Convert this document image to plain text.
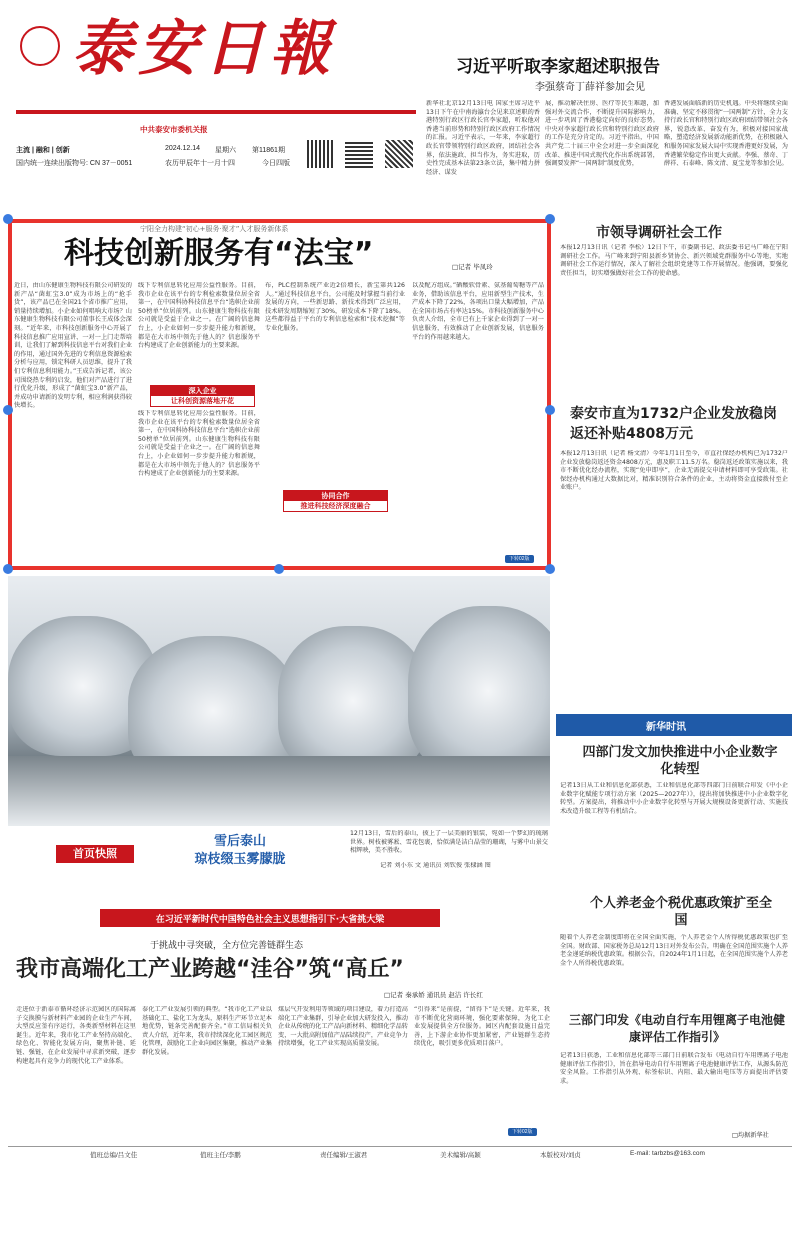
泰安日報
中共泰安市委机关报
主流 | 融和 | 创新
国内统一连续出版物号: CN 37－0051
2024.12.14	星期六	第11861期
农历甲辰年十一月十四	今日四版
习近平听取李家超述职报告
李强蔡奇丁薛祥参加会见
新华社北京12月13日电 国家主席习近平13日下午在中南海瀛台会见来京述职的香港特别行政区行政长官李家超，听取他对香港当前形势和特别行政区政府工作情况的汇报。习近平表示，一年来，李家超行政长官带领特别行政区政府，团结社会各界，依法施政、担当作为，务实进取，历史性完成基本法第23条立法，集中精力拼经济、谋发
展，推动解决住房、医疗等民生难题，加强对外交流合作，不断提升国际影响力，进一步巩固了香港稳定向好的良好态势。中央对李家超行政长官和特别行政区政府的工作是充分肯定的。习近平指出，中国共产党二十届三中全会对进一步全面深化改革、推进中国式现代化作出系统部署，强调要发挥“一国两制”制度优势，
香港发展面临新的历史机遇。中央将继续全面准确、坚定不移贯彻“一国两制”方针，全力支持行政长官和特别行政区政府团结带领社会各界，锐意改革、奋发有为，积极对接国家战略，塑造经济发展新动能新优势，在积极融入和服务国家发展大局中实现香港更好发展，为香港繁荣稳定作出更大贡献。李强、蔡奇、丁薛祥、石泰峰、陈文清、夏宝龙等参加会见。
宁阳全力构建“初心+服务·聚才”人才服务新体系
科技创新服务有“法宝”	□记者 毕凤玲
近日，由山东健康生物科技有限公司研发的新产品“菌虹宝3.0”成为市场上的“抢手货”，该产品已在全国21个省市推广应用，销量持续增加。小企业如何唱响大市场？山东健康生物科技有限公司董事长王成体会深刻。“近年来，市科技创新服务中心开展了科技信息推广应用宣讲、一对一上门走帮培训，让我们了解到科技信息平台对我们企业的作用，通过国外先进的专利信息资源检索分析与应用，锁定科研人员思维，提升了我们专利信息利用能力。”王成告诉记者，该公司围绕热专利的启发，他们对产品进行了进行优化升级，形成了“菌虹宝3.0”新产品，并成功申请新的发明专利，相应利润获得较快增长。
线下专利信息转化应用公益性服务。目前，我市企业在该平台的专利检索数量位居全省第一，在中国科协科技信息平台“选帜企业前50榜单”位居前列。山东健康生物科技有限公司就是受益于企业之一。在广阔的信息舞台上，小企业如何一步步提升能力和新规，都是在大市场中领先于他人的？信息服务平台构建成了企业创新能力的主要来源。
深入企业
让科创资源落地开花
线下专利信息转化应用公益性服务。目前，我市企业在该平台的专利检索数量位居全省第一，在中国科协科技信息平台“选帜企业前50榜单”位居前列。山东健康生物科技有限公司就是受益于企业之一。在广阔的信息舞台上，小企业如何一步步提升能力和新规，都是在大市场中领先于他人的？信息服务平台构建成了企业创新能力的主要来源。
布，PLC控制系统产业近2倍增长，新宝第共126人。”通过科技信息平台，公司能及时掌握当前行业发展的方向，一些新思路、新技术得到广泛应用，技术研发周期缩短了30%，研发成本下降了18%。这些都得益于平台的专利信息检索和“技术挖掘”等专业化服务。
协同合作
推进科技经济深度融合
以及配方组成。”硒酸软骨素、氨基葡萄糖等产品业务，借助该信息平台，应用新型生产技术，生产成本下降了22%，各项出口量大幅增加，产品在全国市场占有率达15%。市科技创新服务中心负责人介绍，全市已有上千家企业得到了一对一信息服务，有效推动了企业创新发展，信息服务平台的作用越来越大。
下转02版
首页快照
雪后泰山
琼枝缀玉雾朦胧
12月13日，雪后的泰山，披上了一层美丽的银装，宛如一个梦幻的琉璃世界。树枝被雾凇、雪花包裹，恰似满是洁白晶莹的珊瑚，与雾中山景交相辉映，美不胜收。
记者 刘小东 文 通讯员 刘钦俊 张棣涵 图
市领导调研社会工作
本报12月13日讯（记者 李松）12日下午，市委副书记、政法委书记马广峰在宁阳调研社会工作。马广峰来到宁阳县新乡贤协会、新兴领域党群服务中心等地，实地调研社会工作运行情况，深入了解社会组织党建等工作开展情况。他强调，要强化责任担当，切实增强做好社会工作的使命感。
泰安市直为1732户企业发放稳岗返还补贴4808万元
本报12月13日讯（记者 杨文清）今年1月1日至今，市直社保经办机构已为1732户企业发放稳岗返还资金4808万元，惠及职工11.5万名。稳岗返还政策实施以来，我市不断优化经办流程，实现“免申即享”，企业无需提交申请材料即可享受政策。社保经办机构通过大数据比对，精准识别符合条件的企业，主动将资金直接拨付至企业账户。
新华时讯
四部门发文加快推进中小企业数字化转型
记者13日从工业和信息化部获悉，工业和信息化部等四部门日前联合印发《中小企业数字化赋能专项行动方案（2025—2027年）》，提出将加快推进中小企业数字化转型。方案提出，将推动中小企业数字化转型与开展大规模设备更新行动、实施技术改造升级工程等有机结合。
个人养老金个税优惠政策扩至全国
随着个人养老金制度即将在全国全面实施，个人养老金个人所得税优惠政策也扩至全国。财政部、国家税务总局12月13日对外发布公告，明确在全国范围实施个人养老金递延纳税优惠政策。根据公告，自2024年1月1日起，在全国范围实施个人养老金个人所得税优惠政策。
三部门印发《电动自行车用锂离子电池健康评估工作指引》
记者13日获悉，工业和信息化部等三部门日前联合发布《电动自行车用锂离子电池健康评估工作指引》，旨在指导电动自行车用锂离子电池健康评估工作，从源头防范安全风险。工作指引从外观、标签标识、内阻、最大输出电压等方面提出评估要求。
□均据新华社
在习近平新时代中国特色社会主义思想指引下·大省挑大梁
于挑战中寻突破，全方位完善链群生态
我市高端化工产业跨越“洼谷”筑“高丘”
□记者 秦承娇 通讯员 赵洁 许长红
走进位于新泰市循环经济示范园区的国际离子交换膜与新材料产业园的企业生产车间，大型反应釜有序运行，各类新型材料在这里诞生。近年来，我市化工产业坚持高端化、绿色化、智能化发展方向，聚焦补链、延链、强链，在企业发展中寻求新突破，逐步构建起具有竞争力的现代化工产业体系。
泰化工产业发展引领的典型。“我市化工产业以基础化工、盐化工为龙头，原料生产环节立足本地优势，链条完善配套齐全。”市工信局相关负责人介绍，近年来，我市持续深化化工园区规范化管理，鼓励化工企业向园区集聚，推动产业集群化发展。
煤层气开发利用等领域的项目建设，着力打造高端化工产业集群，引导企业加大研发投入，推动企业从传统的化工产品向新材料、精细化学品转变，一大批高附加值产品陆续投产，产业竞争力持续增强，化工产业实现高质量发展。
“引得来”是前提，“留得下”是关键。近年来，我市不断优化营商环境，强化要素保障，为化工企业发展提供全方位服务。园区内配套设施日益完善，上下游企业协作更加紧密，产业链群生态持续优化，吸引更多优质项目落户。
下转02版
值班总编/吕文佳	值班主任/李鹏	责任编辑/王淑君	美术编辑/高颖	本版校对/刘贞	E-mail: tarbzbs@163.com
